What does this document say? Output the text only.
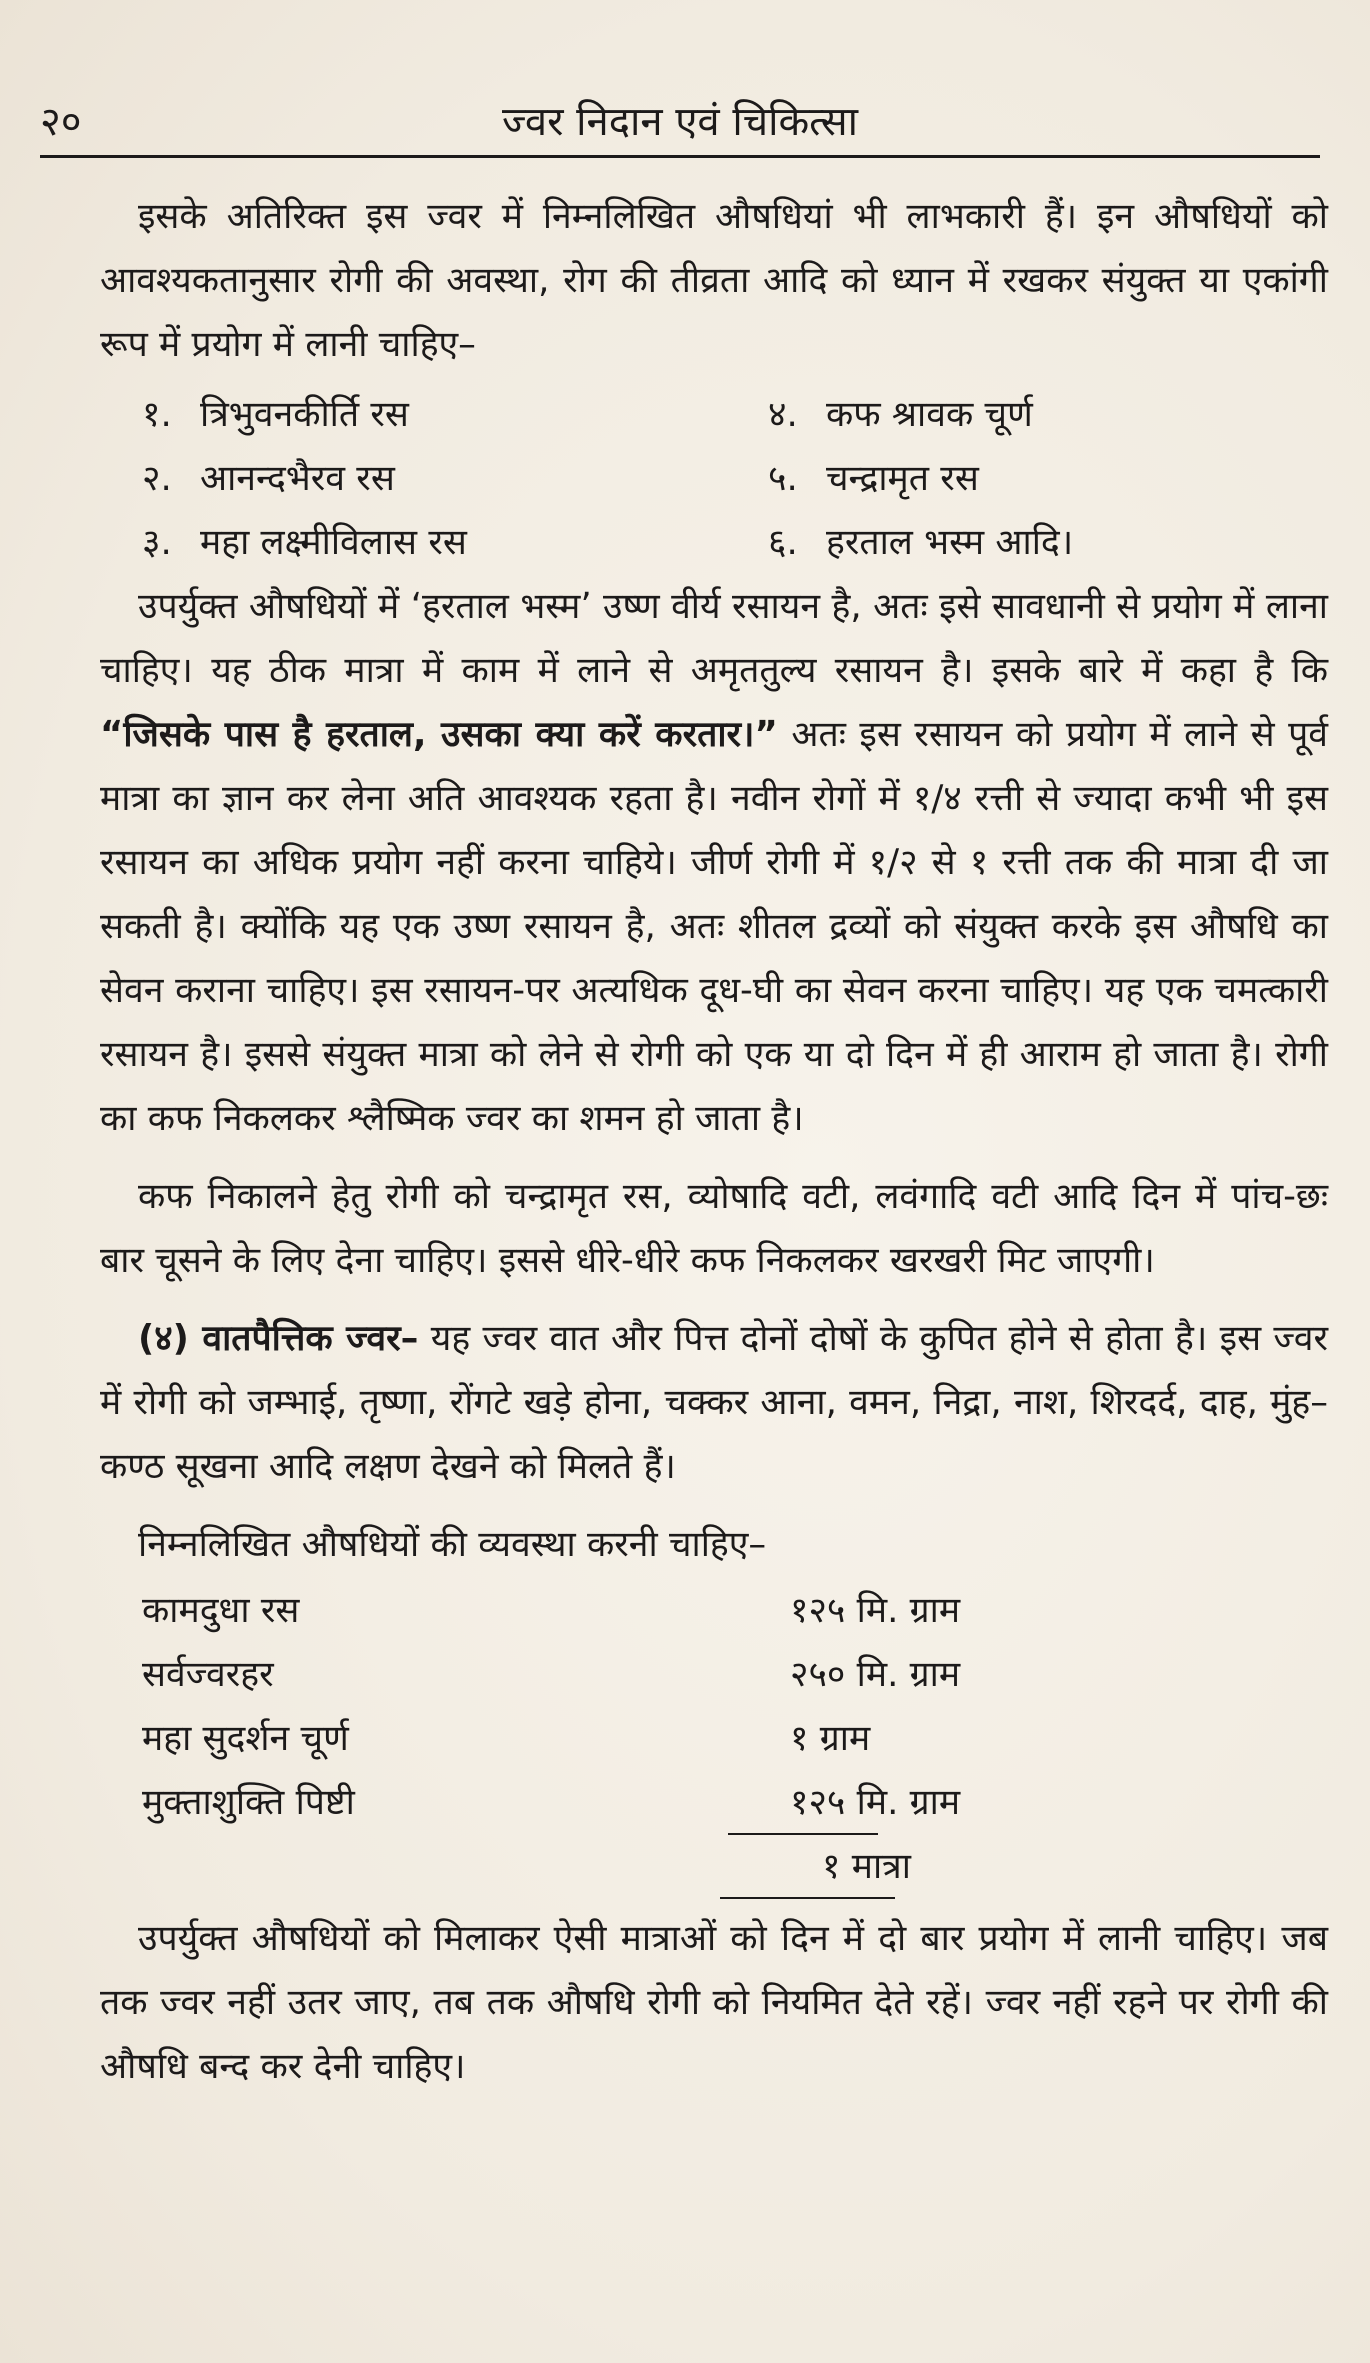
२०	ज्वर निदान एवं चिकित्सा

इसके अतिरिक्त इस ज्वर में निम्नलिखित औषधियां भी लाभकारी हैं। इन औषधियों को आवश्यकतानुसार रोगी की अवस्था, रोग की तीव्रता आदि को ध्यान में रखकर संयुक्त या एकांगी रूप में प्रयोग में लानी चाहिए–

१. त्रिभुवनकीर्ति रस
२. आनन्दभैरव रस
३. महा लक्ष्मीविलास रस
४. कफ श्रावक चूर्ण
५. चन्द्रामृत रस
६. हरताल भस्म आदि।

उपर्युक्त औषधियों में ‘हरताल भस्म’ उष्ण वीर्य रसायन है, अतः इसे सावधानी से प्रयोग में लाना चाहिए। यह ठीक मात्रा में काम में लाने से अमृततुल्य रसायन है। इसके बारे में कहा है कि “जिसके पास है हरताल, उसका क्या करें करतार।” अतः इस रसायन को प्रयोग में लाने से पूर्व मात्रा का ज्ञान कर लेना अति आवश्यक रहता है। नवीन रोगों में १/४ रत्ती से ज्यादा कभी भी इस रसायन का अधिक प्रयोग नहीं करना चाहिये। जीर्ण रोगी में १/२ से १ रत्ती तक की मात्रा दी जा सकती है। क्योंकि यह एक उष्ण रसायन है, अतः शीतल द्रव्यों को संयुक्त करके इस औषधि का सेवन कराना चाहिए। इस रसायन-पर अत्यधिक दूध-घी का सेवन करना चाहिए। यह एक चमत्कारी रसायन है। इससे संयुक्त मात्रा को लेने से रोगी को एक या दो दिन में ही आराम हो जाता है। रोगी का कफ निकलकर श्लैष्मिक ज्वर का शमन हो जाता है।

कफ निकालने हेतु रोगी को चन्द्रामृत रस, व्योषादि वटी, लवंगादि वटी आदि दिन में पांच-छः बार चूसने के लिए देना चाहिए। इससे धीरे-धीरे कफ निकलकर खरखरी मिट जाएगी।

(४) वातपैत्तिक ज्वर– यह ज्वर वात और पित्त दोनों दोषों के कुपित होने से होता है। इस ज्वर में रोगी को जम्भाई, तृष्णा, रोंगटे खड़े होना, चक्कर आना, वमन, निद्रा, नाश, शिरदर्द, दाह, मुंह–कण्ठ सूखना आदि लक्षण देखने को मिलते हैं।

निम्नलिखित औषधियों की व्यवस्था करनी चाहिए–

कामदुधा रस	१२५ मि. ग्राम
सर्वज्वरहर	२५० मि. ग्राम
महा सुदर्शन चूर्ण	१ ग्राम
मुक्ताशुक्ति पिष्टी	१२५ मि. ग्राम
१ मात्रा

उपर्युक्त औषधियों को मिलाकर ऐसी मात्राओं को दिन में दो बार प्रयोग में लानी चाहिए। जब तक ज्वर नहीं उतर जाए, तब तक औषधि रोगी को नियमित देते रहें। ज्वर नहीं रहने पर रोगी की औषधि बन्द कर देनी चाहिए।
